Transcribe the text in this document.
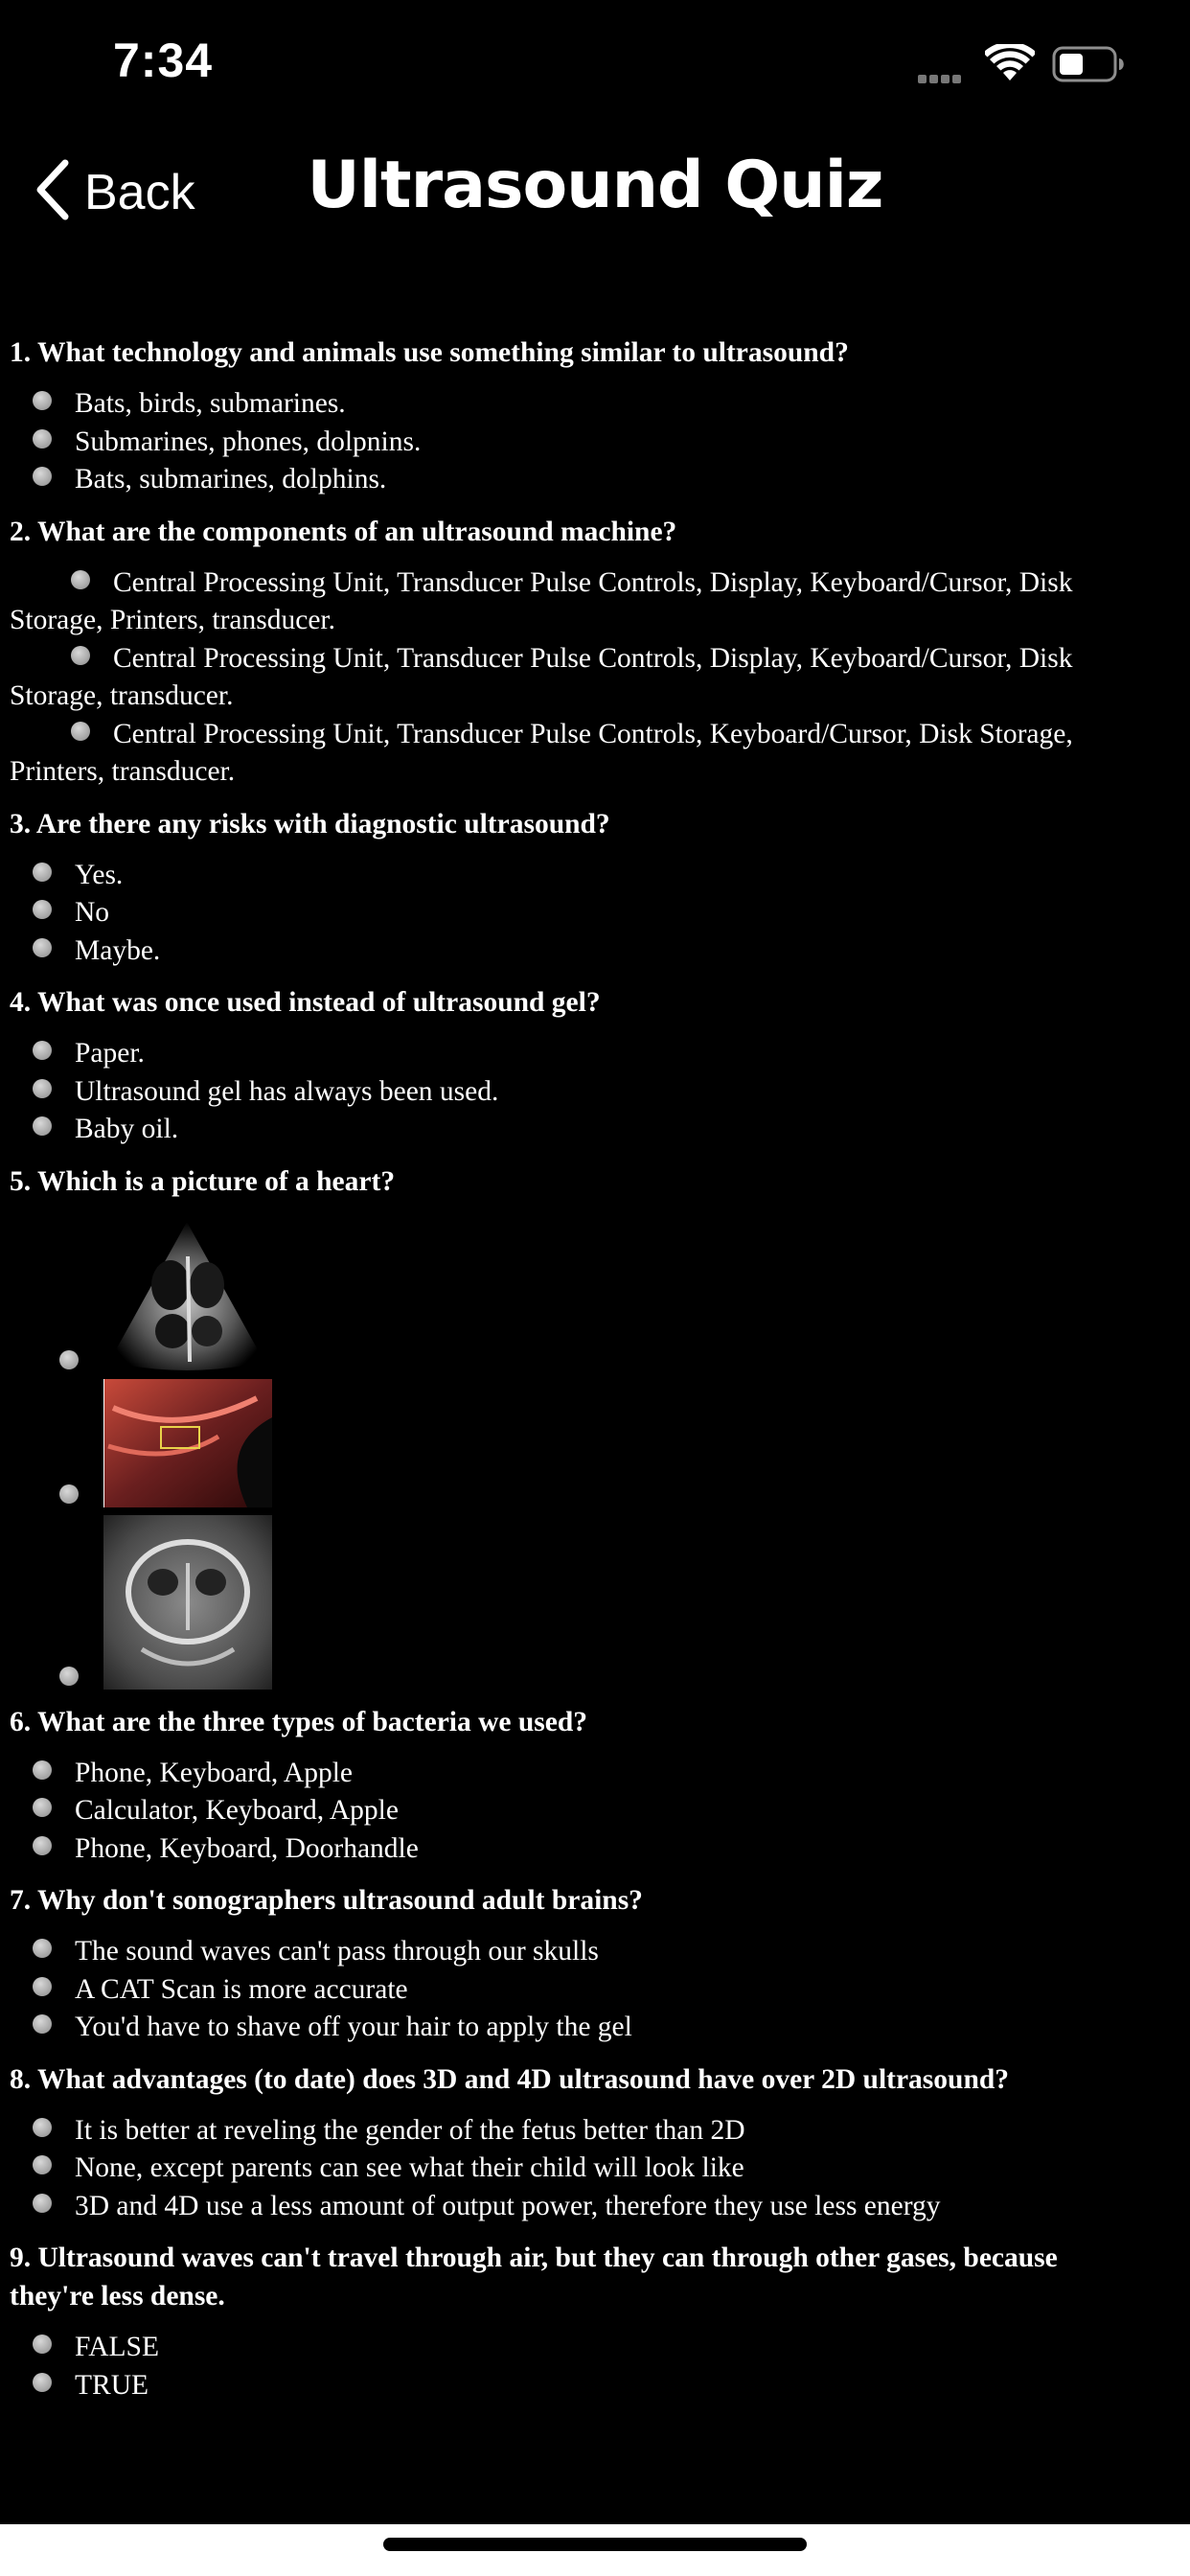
7:34
Back	Ultrasound Quiz
1. What technology and animals use something similar to ultrasound?
Bats, birds, submarines.
Submarines, phones, dolpnins.
Bats, submarines, dolphins.
2. What are the components of an ultrasound machine?
Central Processing Unit, Transducer Pulse Controls, Display, Keyboard/Cursor, Disk
Storage, Printers, transducer.
Central Processing Unit, Transducer Pulse Controls, Display, Keyboard/Cursor, Disk
Storage, transducer.
Central Processing Unit, Transducer Pulse Controls, Keyboard/Cursor, Disk Storage,
Printers, transducer.
3. Are there any risks with diagnostic ultrasound?
Yes.
No
Maybe.
4. What was once used instead of ultrasound gel?
Paper.
Ultrasound gel has always been used.
Baby oil.
5. Which is a picture of a heart?
6. What are the three types of bacteria we used?
Phone, Keyboard, Apple
Calculator, Keyboard, Apple
Phone, Keyboard, Doorhandle
7. Why don't sonographers ultrasound adult brains?
The sound waves can't pass through our skulls
A CAT Scan is more accurate
You'd have to shave off your hair to apply the gel
8. What advantages (to date) does 3D and 4D ultrasound have over 2D ultrasound?
It is better at reveling the gender of the fetus better than 2D
None, except parents can see what their child will look like
3D and 4D use a less amount of output power, therefore they use less energy
9. Ultrasound waves can't travel through air, but they can through other gases, because
they're less dense.
FALSE
TRUE
